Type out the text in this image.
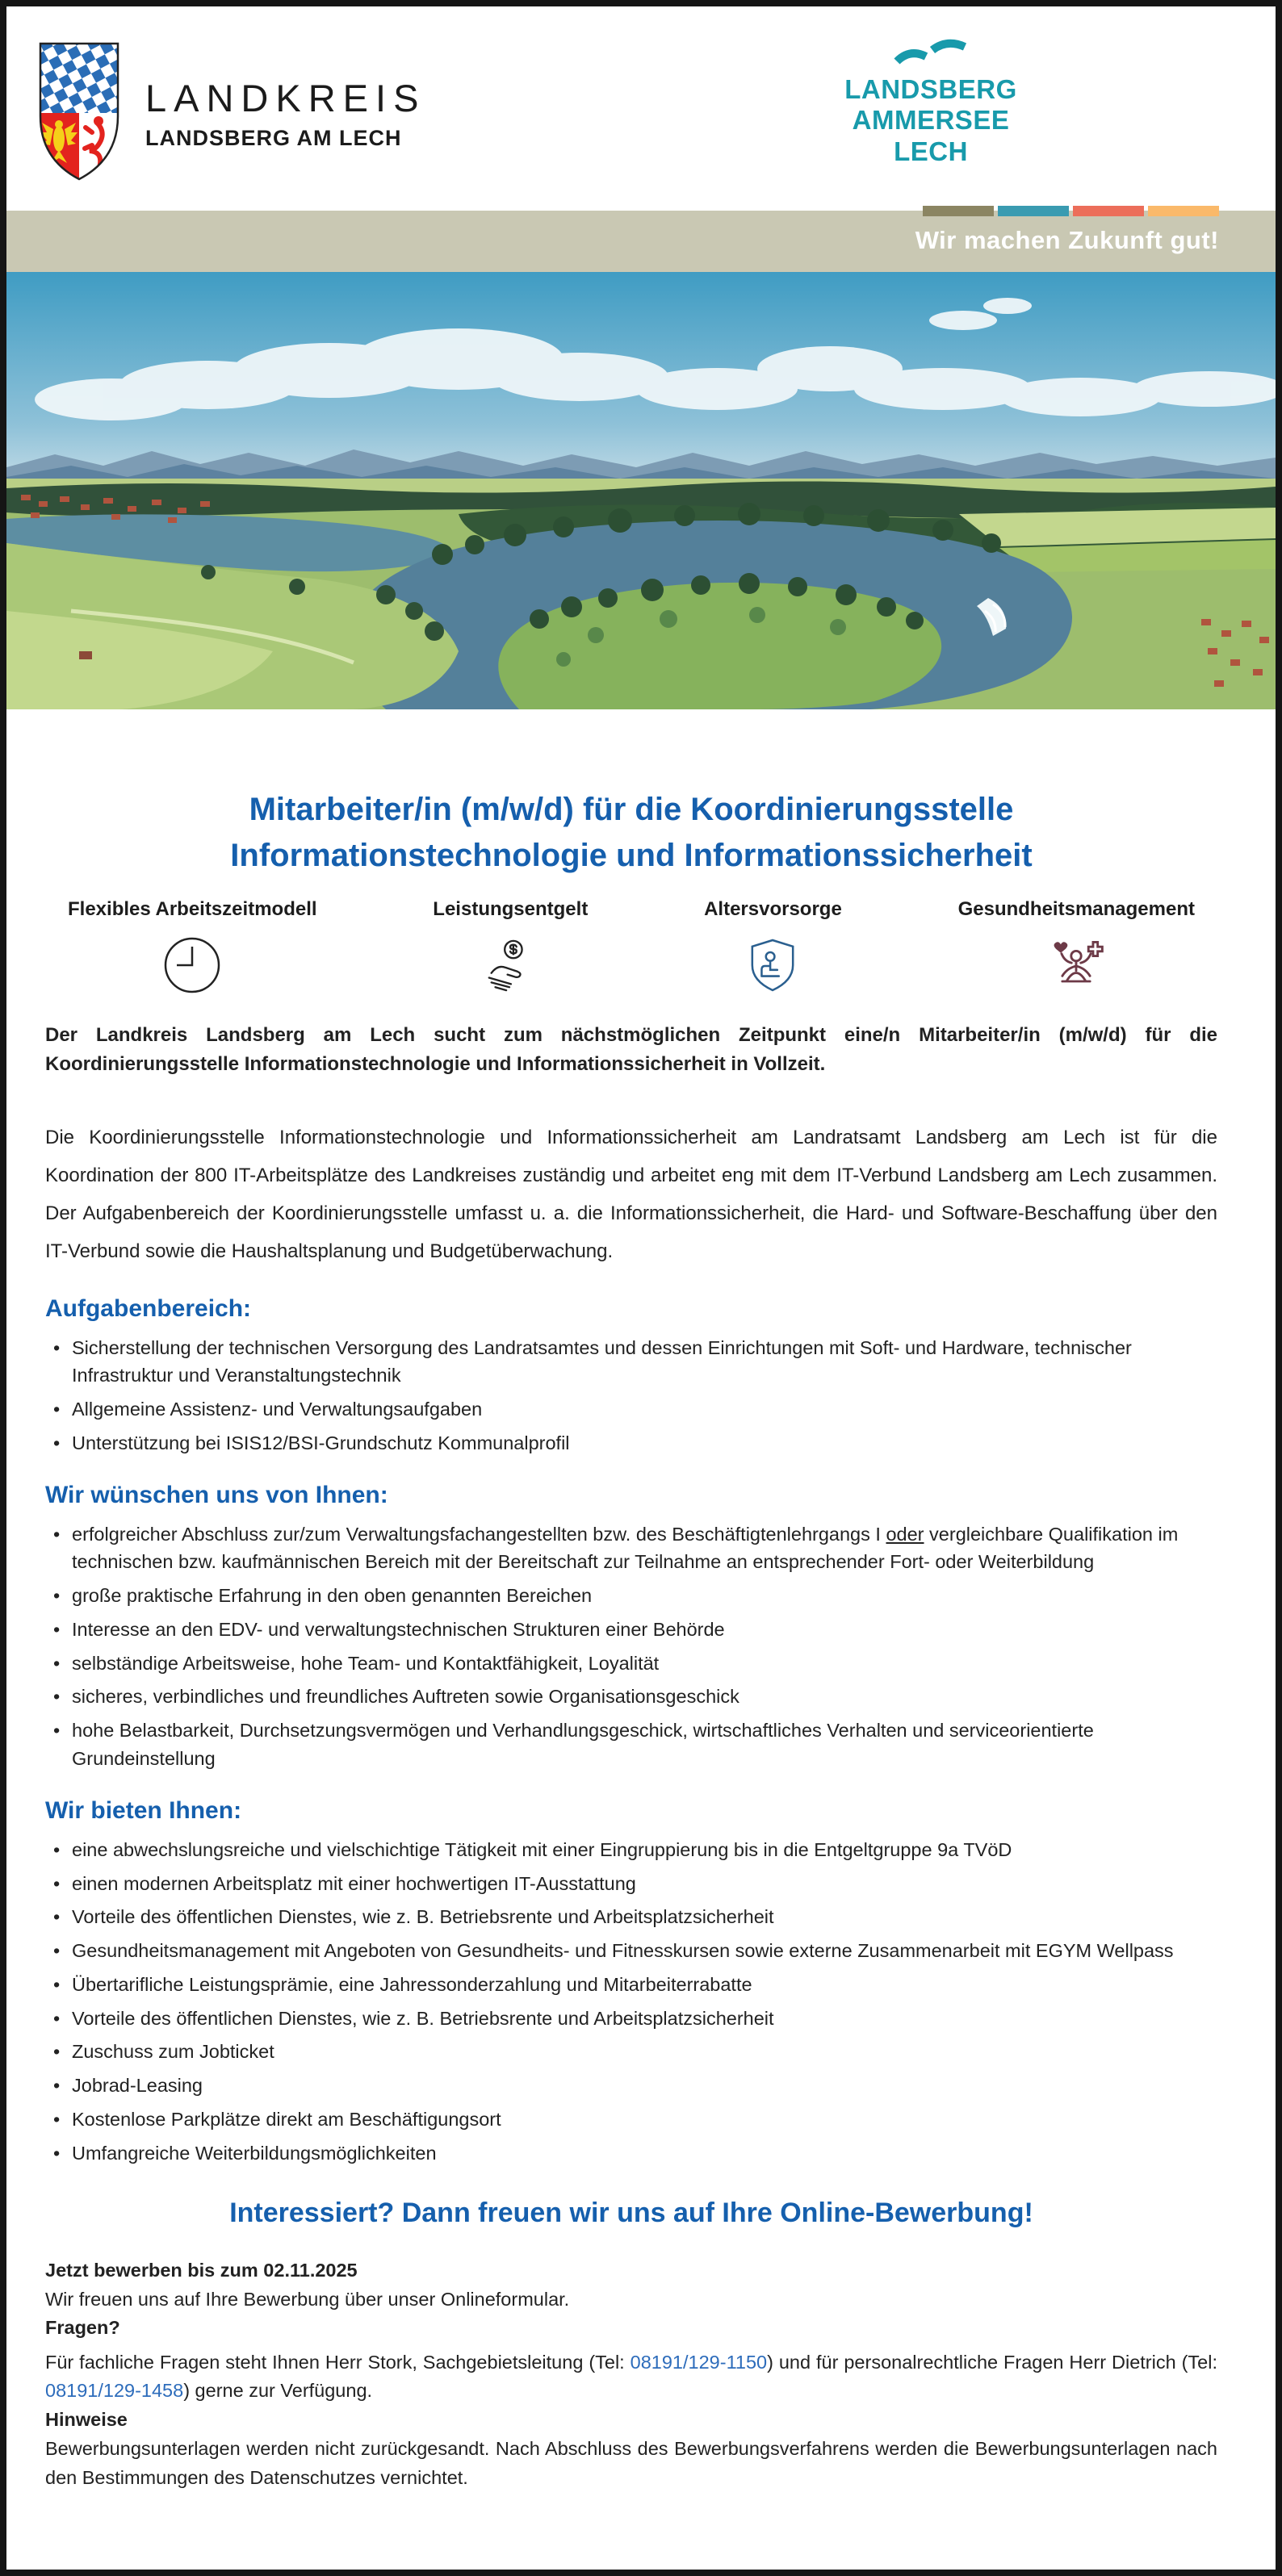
LANDKREIS
LANDSBERG AM LECH
LANDSBERG
AMMERSEE
LECH
Wir machen Zukunft gut!
Mitarbeiter/in (m/w/d) für die Koordinierungsstelle
Informationstechnologie und Informationssicherheit
Flexibles Arbeitszeitmodell	Leistungsentgelt	Altersvorsorge	Gesundheitsmanagement

Der Landkreis Landsberg am Lech sucht zum nächstmöglichen Zeitpunkt eine/n Mitarbeiter/in (m/w/d) für die Koordinierungsstelle Informationstechnologie und Informationssicherheit in Vollzeit.

Die Koordinierungsstelle Informationstechnologie und Informationssicherheit am Landratsamt Landsberg am Lech ist für die Koordination der 800 IT-Arbeitsplätze des Landkreises zuständig und arbeitet eng mit dem IT-Verbund Landsberg am Lech zusammen. Der Aufgabenbereich der Koordinierungsstelle umfasst u. a. die Informationssicherheit, die Hard- und Software-Beschaffung über den IT-Verbund sowie die Haushaltsplanung und Budgetüberwachung.

Aufgabenbereich:
• Sicherstellung der technischen Versorgung des Landratsamtes und dessen Einrichtungen mit Soft- und Hardware, technischer Infrastruktur und Veranstaltungstechnik
• Allgemeine Assistenz- und Verwaltungsaufgaben
• Unterstützung bei ISIS12/BSI-Grundschutz Kommunalprofil
Wir wünschen uns von Ihnen:
• erfolgreicher Abschluss zur/zum Verwaltungsfachangestellten bzw. des Beschäftigtenlehrgangs I oder vergleichbare Qualifikation im technischen bzw. kaufmännischen Bereich mit der Bereitschaft zur Teilnahme an entsprechender Fort- oder Weiterbildung
• große praktische Erfahrung in den oben genannten Bereichen
• Interesse an den EDV- und verwaltungstechnischen Strukturen einer Behörde
• selbständige Arbeitsweise, hohe Team- und Kontaktfähigkeit, Loyalität
• sicheres, verbindliches und freundliches Auftreten sowie Organisationsgeschick
• hohe Belastbarkeit, Durchsetzungsvermögen und Verhandlungsgeschick, wirtschaftliches Verhalten und serviceorientierte Grundeinstellung
Wir bieten Ihnen:
• eine abwechslungsreiche und vielschichtige Tätigkeit mit einer Eingruppierung bis in die Entgeltgruppe 9a TVöD
• einen modernen Arbeitsplatz mit einer hochwertigen IT-Ausstattung
• Vorteile des öffentlichen Dienstes, wie z. B. Betriebsrente und Arbeitsplatzsicherheit
• Gesundheitsmanagement mit Angeboten von Gesundheits- und Fitnesskursen sowie externe Zusammenarbeit mit EGYM Wellpass
• Übertarifliche Leistungsprämie, eine Jahressonderzahlung und Mitarbeiterrabatte
• Vorteile des öffentlichen Dienstes, wie z. B. Betriebsrente und Arbeitsplatzsicherheit
• Zuschuss zum Jobticket
• Jobrad-Leasing
• Kostenlose Parkplätze direkt am Beschäftigungsort
• Umfangreiche Weiterbildungsmöglichkeiten
Interessiert? Dann freuen wir uns auf Ihre Online-Bewerbung!

Jetzt bewerben bis zum 02.11.2025

Wir freuen uns auf Ihre Bewerbung über unser Onlineformular.

Fragen?

Für fachliche Fragen steht Ihnen Herr Stork, Sachgebietsleitung (Tel: 08191/129-1150) und für personalrechtliche Fragen Herr Dietrich (Tel: 08191/129-1458) gerne zur Verfügung.

Hinweise

Bewerbungsunterlagen werden nicht zurückgesandt. Nach Abschluss des Bewerbungsverfahrens werden die Bewerbungsunterlagen nach den Bestimmungen des Datenschutzes vernichtet.
